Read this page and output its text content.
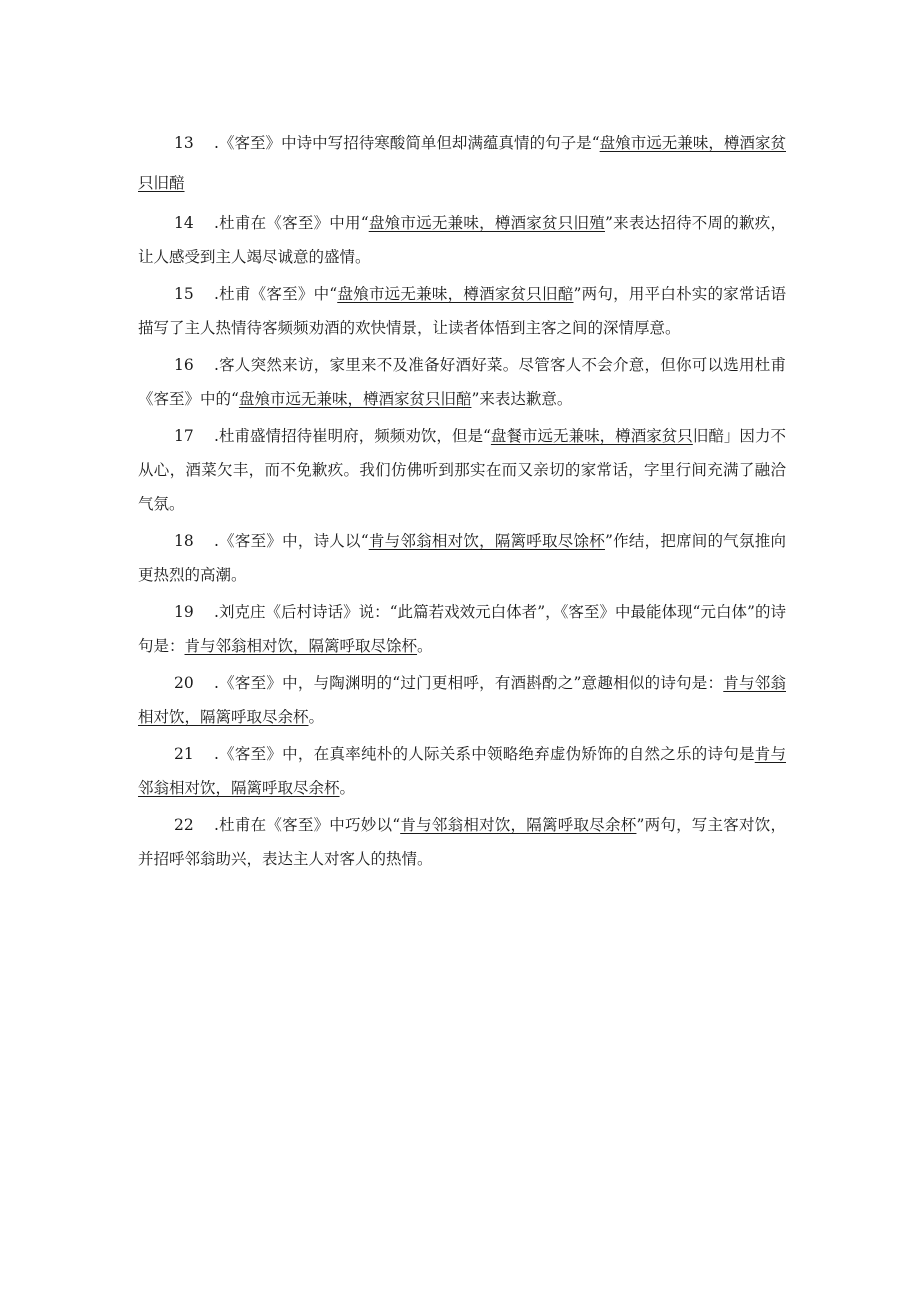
13 .《客至》中诗中写招待寒酸简单但却满蕴真情的句子是“盘飧市远无兼味，樽酒家贫只旧醅

14 .杜甫在《客至》中用“盘飧市远无兼味，樽酒家贫只旧殖”来表达招待不周的歉疚，让人感受到主人竭尽诚意的盛情。

15 .杜甫《客至》中“盘飧市远无兼味，樽酒家贫只旧醅”两句，用平白朴实的家常话语描写了主人热情待客频频劝酒的欢快情景，让读者体悟到主客之间的深情厚意。

16 .客人突然来访，家里来不及准备好酒好菜。尽管客人不会介意，但你可以选用杜甫《客至》中的“盘飧市远无兼味，樽酒家贫只旧醅”来表达歉意。

17 .杜甫盛情招待崔明府，频频劝饮，但是“盘餐市远无兼味，樽酒家贫只旧醅」因力不从心，酒菜欠丰，而不免歉疚。我们仿佛听到那实在而又亲切的家常话，字里行间充满了融洽气氛。

18 .《客至》中，诗人以“肯与邻翁相对饮，隔篱呼取尽馀杯”作结，把席间的气氛推向更热烈的高潮。

19 .刘克庄《后村诗话》说：“此篇若戏效元白体者”，《客至》中最能体现“元白体”的诗句是：肯与邻翁相对饮，隔篱呼取尽馀杯。

20 .《客至》中，与陶渊明的“过门更相呼，有酒斟酌之”意趣相似的诗句是：肯与邻翁相对饮，隔篱呼取尽余杯。

21 .《客至》中，在真率纯朴的人际关系中领略绝弃虚伪矫饰的自然之乐的诗句是肯与邻翁相对饮，隔篱呼取尽余杯。

22 .杜甫在《客至》中巧妙以“肯与邻翁相对饮，隔篱呼取尽余杯”两句，写主客对饮，并招呼邻翁助兴，表达主人对客人的热情。
